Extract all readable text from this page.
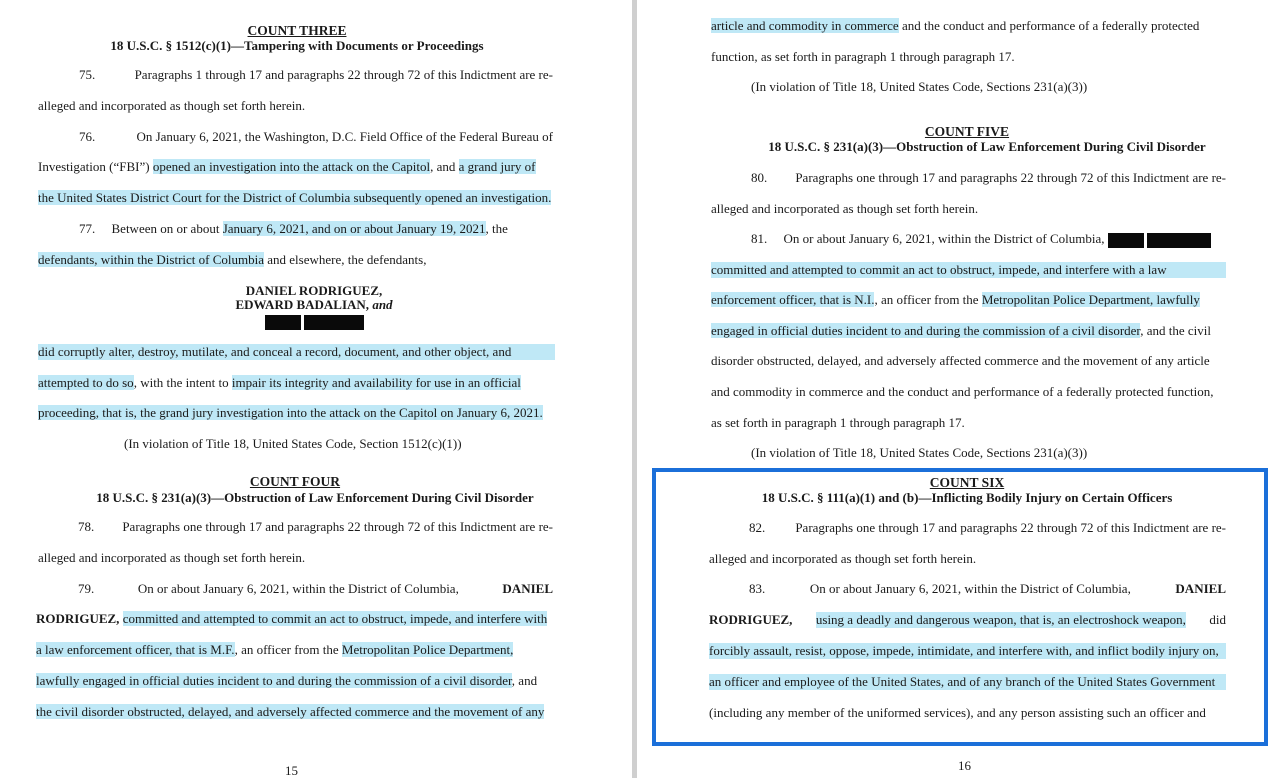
COUNT THREE
18 U.S.C. § 1512(c)(1)—Tampering with Documents or Proceedings
75.	Paragraphs 1 through 17 and paragraphs 22 through 72 of this Indictment are re-
alleged and incorporated as though set forth herein.
76.	On January 6, 2021, the Washington, D.C. Field Office of the Federal Bureau of
Investigation (“FBI”) opened an investigation into the attack on the Capitol, and a grand jury of
the United States District Court for the District of Columbia subsequently opened an investigation.
77. Between on or about January 6, 2021, and on or about January 19, 2021, the
defendants, within the District of Columbia and elsewhere, the defendants,
DANIEL RODRIGUEZ,
EDWARD BADALIAN, and

did corruptly alter, destroy, mutilate, and conceal a record, document, and other object, and
attempted to do so, with the intent to impair its integrity and availability for use in an official
proceeding, that is, the grand jury investigation into the attack on the Capitol on January 6, 2021.
(In violation of Title 18, United States Code, Section 1512(c)(1))
COUNT FOUR
18 U.S.C. § 231(a)(3)—Obstruction of Law Enforcement During Civil Disorder
78. Paragraphs one through 17 and paragraphs 22 through 72 of this Indictment are re-
alleged and incorporated as though set forth herein.
79.	On or about January 6, 2021, within the District of Columbia,	DANIEL
RODRIGUEZ, committed and attempted to commit an act to obstruct, impede, and interfere with
a law enforcement officer, that is M.F., an officer from the Metropolitan Police Department,
lawfully engaged in official duties incident to and during the commission of a civil disorder, and
the civil disorder obstructed, delayed, and adversely affected commerce and the movement of any
15
article and commodity in commerce and the conduct and performance of a federally protected
function, as set forth in paragraph 1 through paragraph 17.
(In violation of Title 18, United States Code, Sections 231(a)(3))
COUNT FIVE
18 U.S.C. § 231(a)(3)—Obstruction of Law Enforcement During Civil Disorder
80. Paragraphs one through 17 and paragraphs 22 through 72 of this Indictment are re-
alleged and incorporated as though set forth herein.
81. On or about January 6, 2021, within the District of Columbia,
committed and attempted to commit an act to obstruct, impede, and interfere with a law
enforcement officer, that is N.I., an officer from the Metropolitan Police Department, lawfully
engaged in official duties incident to and during the commission of a civil disorder, and the civil
disorder obstructed, delayed, and adversely affected commerce and the movement of any article
and commodity in commerce and the conduct and performance of a federally protected function,
as set forth in paragraph 1 through paragraph 17.
(In violation of Title 18, United States Code, Sections 231(a)(3))
COUNT SIX
18 U.S.C. § 111(a)(1) and (b)—Inflicting Bodily Injury on Certain Officers
82. Paragraphs one through 17 and paragraphs 22 through 72 of this Indictment are re-
alleged and incorporated as though set forth herein.
83.	On or about January 6, 2021, within the District of Columbia,	DANIEL
RODRIGUEZ, using a deadly and dangerous weapon, that is, an electroshock weapon, did
forcibly assault, resist, oppose, impede, intimidate, and interfere with, and inflict bodily injury on,
an officer and employee of the United States, and of any branch of the United States Government
(including any member of the uniformed services), and any person assisting such an officer and
16
